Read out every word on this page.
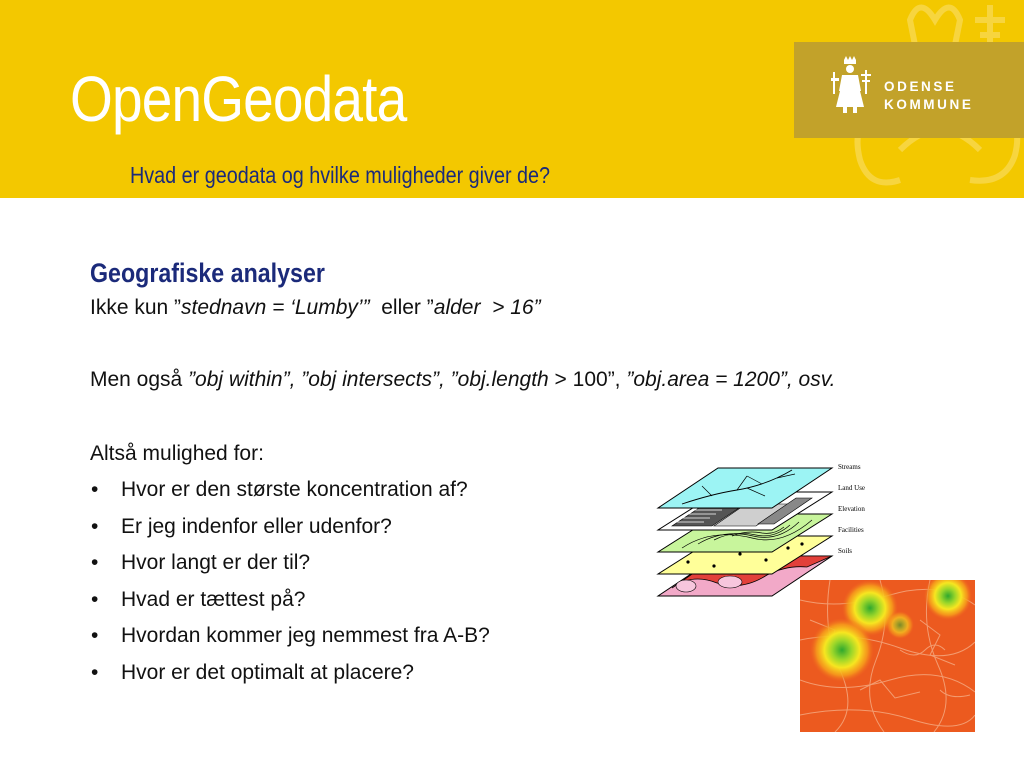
OpenGeodata
Hvad er geodata og hvilke muligheder giver de?
ODENSE
KOMMUNE
Geografiske analyser

Ikke kun ”stednavn = ‘Lumby’”  eller ”alder  > 16”

Men også ”obj within”, ”obj intersects”, ”obj.length > 100”, ”obj.area = 1200”, osv.

Altså mulighed for:

• Hvor er den største koncentration af?
• Er jeg indenfor eller udenfor?
• Hvor langt er der til?
• Hvad er tættest på?
• Hvordan kommer jeg nemmest fra A-B?
• Hvor er det optimalt at placere?
Streams
Land Use
Elevation
Facilities
Soils
